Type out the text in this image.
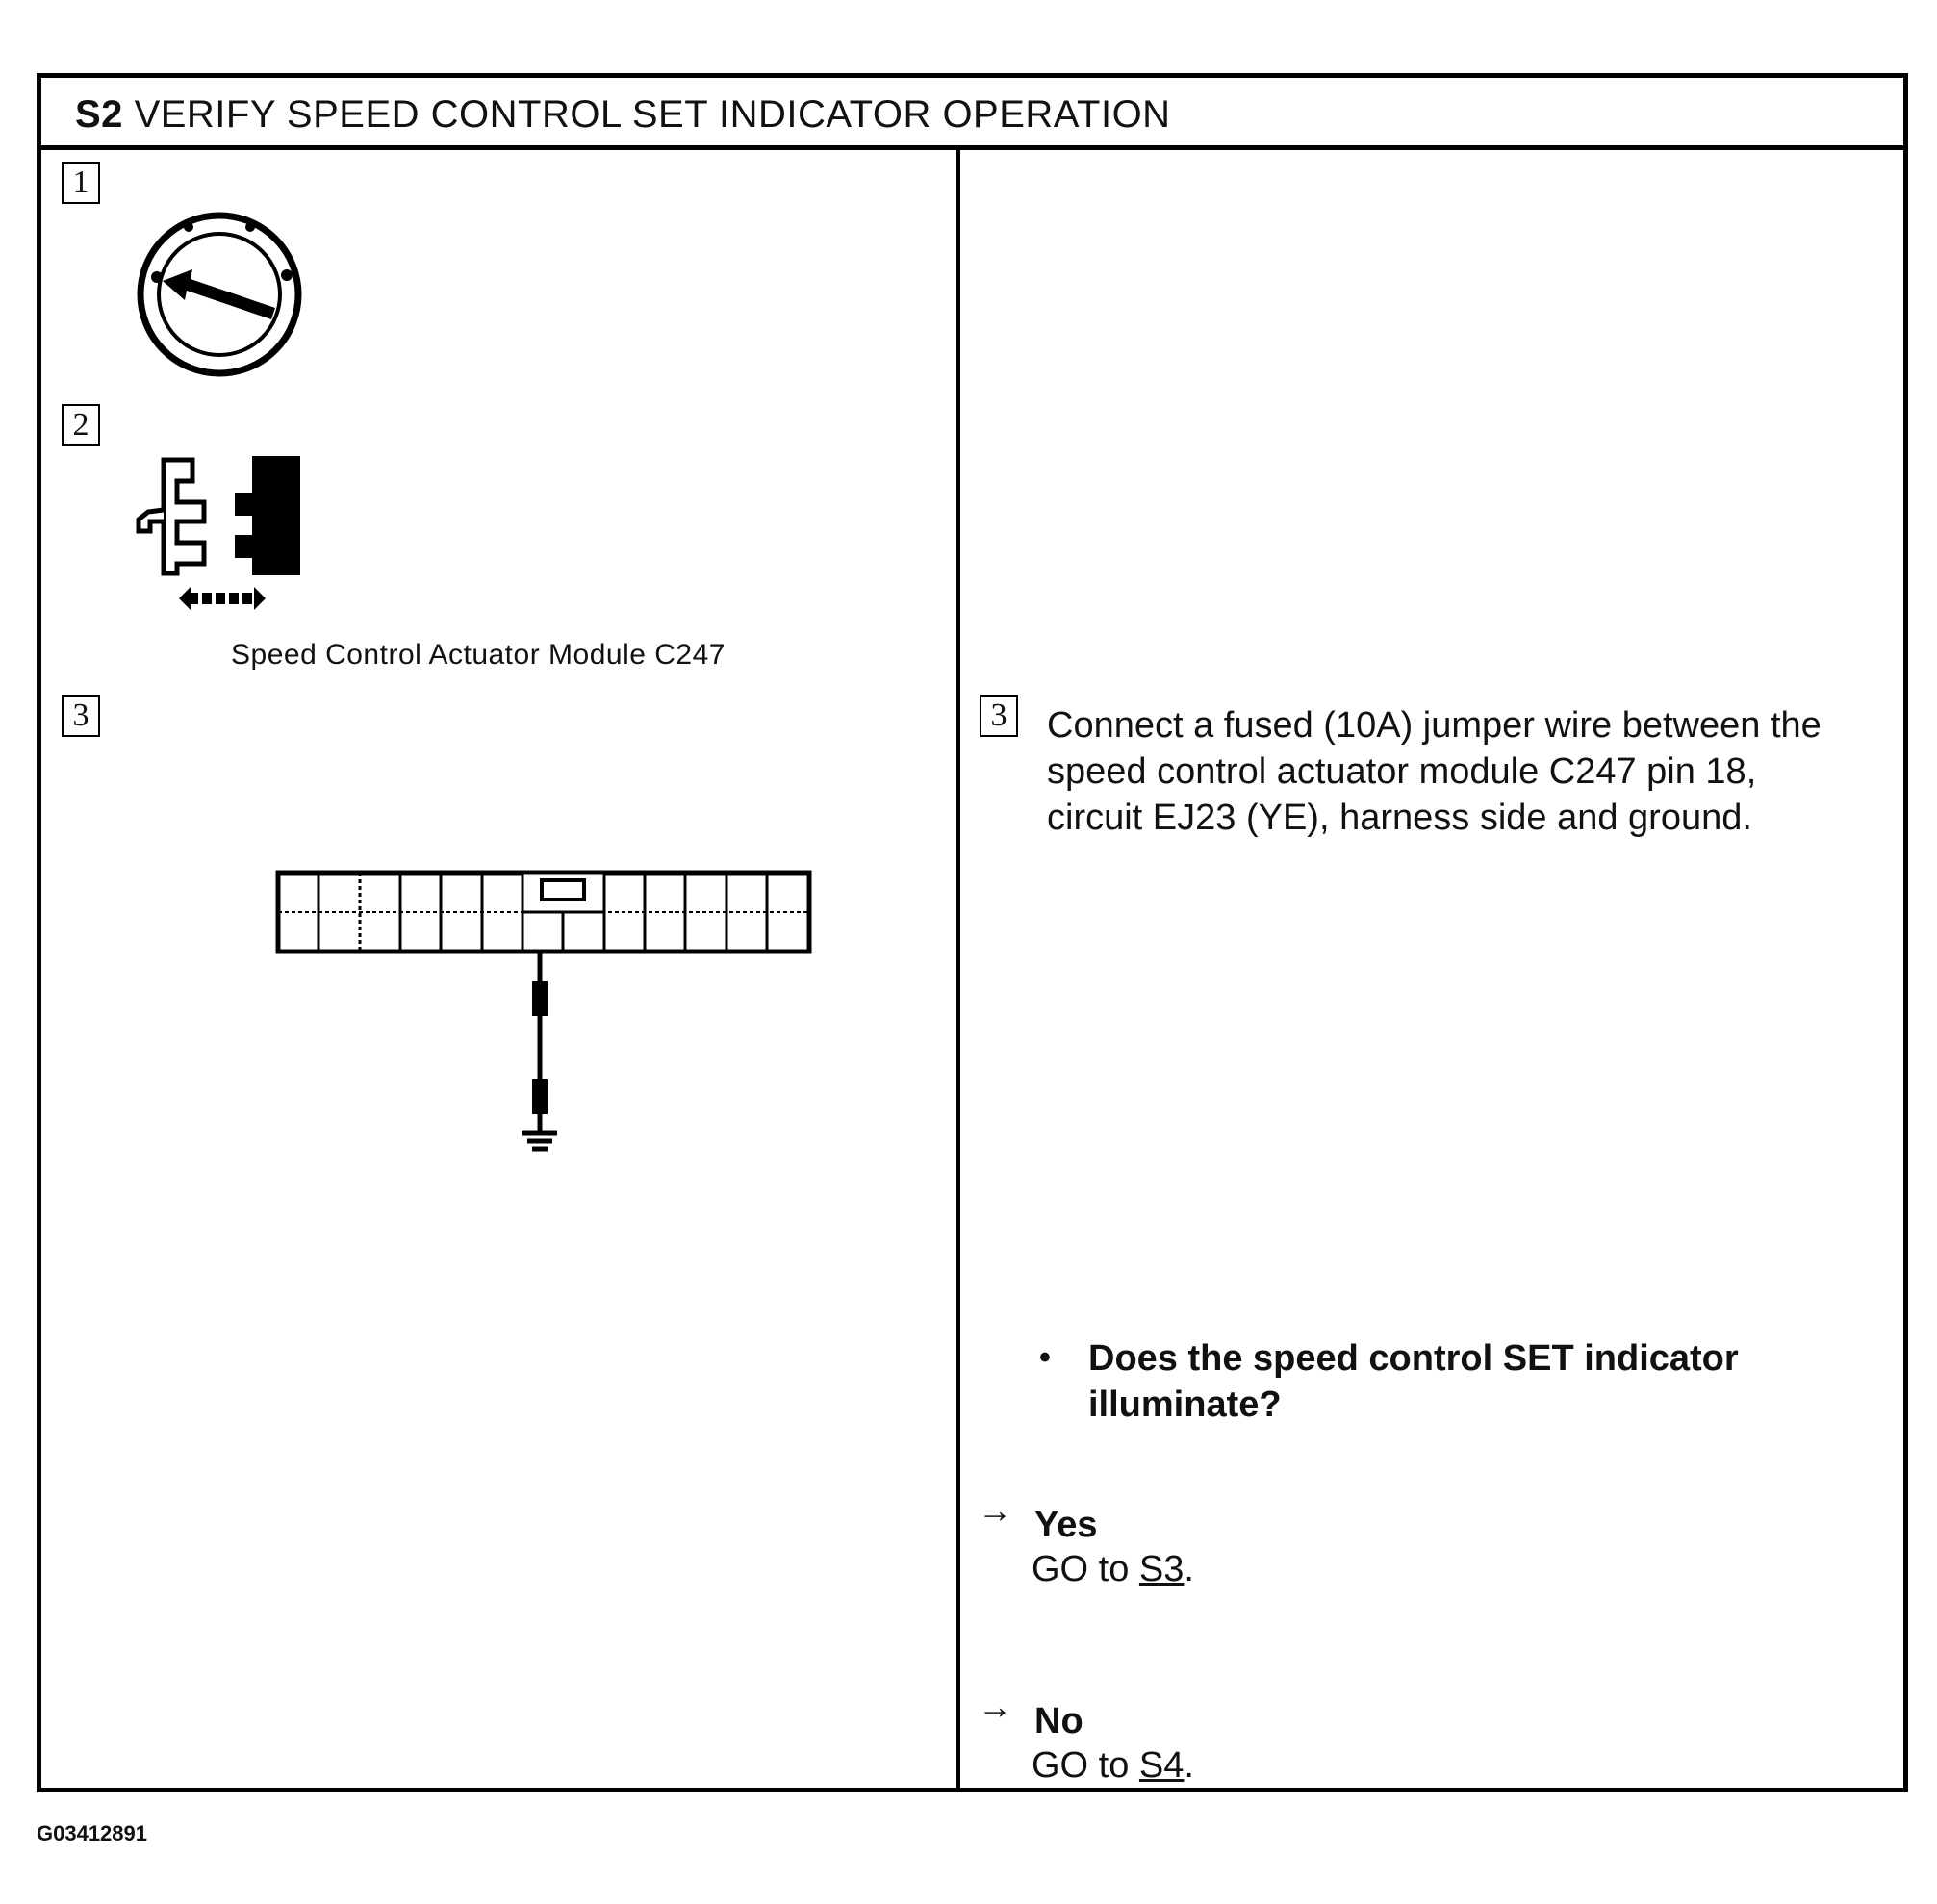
S2 VERIFY SPEED CONTROL SET INDICATOR OPERATION
1
2
Speed Control Actuator Module C247
3	3	Connect a fused (10A) jumper wire between the speed control actuator module C247 pin 18, circuit EJ23 (YE), harness side and ground.
• Does the speed control SET indicator illuminate?
→ Yes
GO to S3.
→ No
GO to S4.
G03412891
